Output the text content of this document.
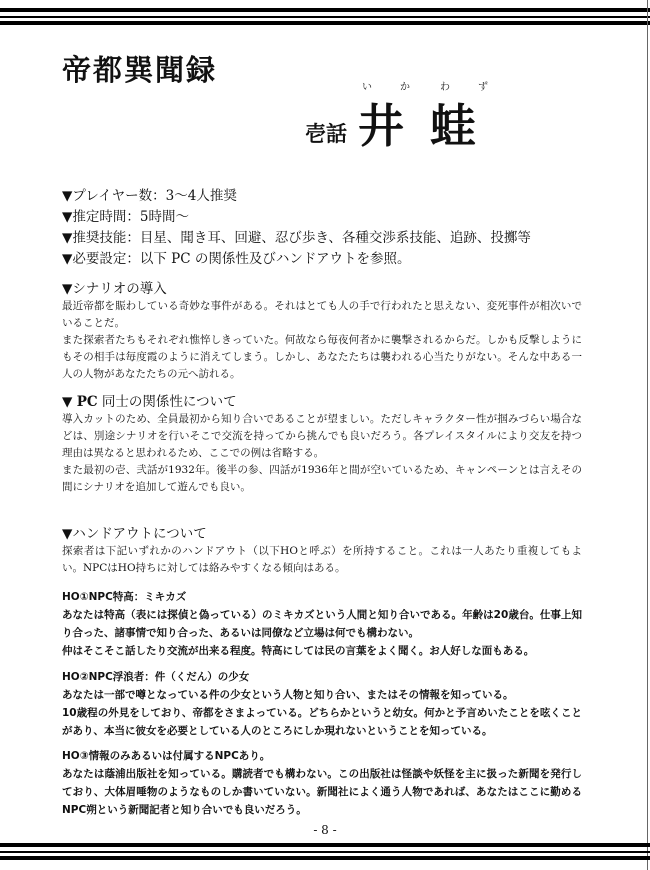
帝都巽聞録
い	か	わ	ず
壱話 井蛙
▼プレイヤー数：3〜4人推奨
▼推定時間：5時間〜
▼推奨技能：目星、聞き耳、回避、忍び歩き、各種交渉系技能、追跡、投擲等
▼必要設定：以下 PC の関係性及びハンドアウトを参照。
▼シナリオの導入

最近帝都を賑わしている奇妙な事件がある。それはとても人の手で行われたと思えない、変死事件が相次いでいることだ。

また探索者たちもそれぞれ憔悴しきっていた。何故なら毎夜何者かに襲撃されるからだ。しかも反撃しようにもその相手は毎度霞のように消えてしまう。しかし、あなたたちは襲われる心当たりがない。そんな中ある一人の人物があなたたちの元へ訪れる。

▼ PC 同士の関係性について

導入カットのため、全員最初から知り合いであることが望ましい。ただしキャラクター性が掴みづらい場合などは、別途シナリオを行いそこで交流を持ってから挑んでも良いだろう。各プレイスタイルにより交友を持つ理由は異なると思われるため、ここでの例は省略する。

また最初の壱、弐話が1932年。後半の参、四話が1936年と間が空いているため、キャンペーンとは言えその間にシナリオを追加して遊んでも良い。

▼ハンドアウトについて

探索者は下記いずれかのハンドアウト（以下HOと呼ぶ）を所持すること。これは一人あたり重複してもよい。NPCはHO持ちに対しては絡みやすくなる傾向はある。

HO①NPC特高：ミキカズ

あなたは特高（表には探偵と偽っている）のミキカズという人間と知り合いである。年齢は20歳台。仕事上知り合った、諸事情で知り合った、あるいは同僚など立場は何でも構わない。

仲はそこそこ話したり交流が出来る程度。特高にしては民の言葉をよく聞く。お人好しな面もある。

HO②NPC浮浪者：件（くだん）の少女

あなたは一部で噂となっている件の少女という人物と知り合い、またはその情報を知っている。

10歳程の外見をしており、帝都をさまよっている。どちらかというと幼女。何かと予言めいたことを呟くことがあり、本当に彼女を必要としている人のところにしか現れないということを知っている。

HO③情報のみあるいは付属するNPCあり。

あなたは蔭浦出版社を知っている。購読者でも構わない。この出版社は怪談や妖怪を主に扱った新聞を発行しており、大体眉唾物のようなものしか書いていない。新聞社によく通う人物であれば、あなたはここに勤めるNPC朔という新聞記者と知り合いでも良いだろう。

- 8 -
